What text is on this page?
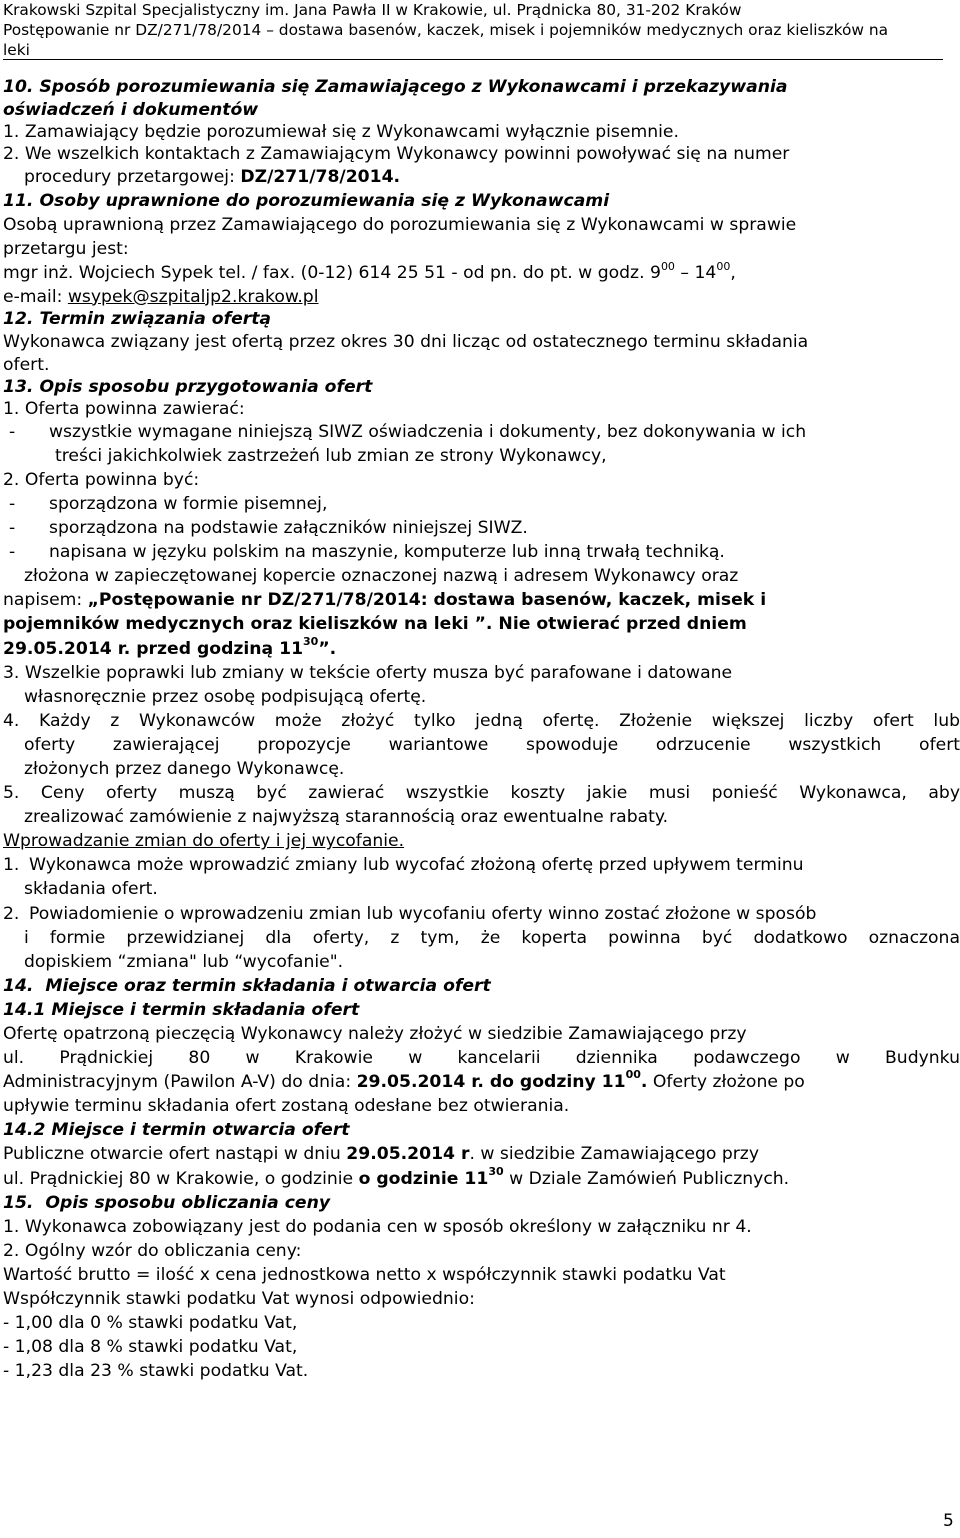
Krakowski Szpital Specjalistyczny im. Jana Pawła II w Krakowie, ul. Prądnicka 80, 31-202 Kraków
Postępowanie nr DZ/271/78/2014 – dostawa basenów, kaczek, misek i pojemników medycznych oraz kieliszków na
leki
10. Sposób porozumiewania się Zamawiającego z Wykonawcami i przekazywania
oświadczeń i dokumentów
1. Zamawiający będzie porozumiewał się z Wykonawcami wyłącznie pisemnie.
2. We wszelkich kontaktach z Zamawiającym Wykonawcy powinni powoływać się na numer
procedury przetargowej: DZ/271/78/2014.
11. Osoby uprawnione do porozumiewania się z Wykonawcami
Osobą uprawnioną przez Zamawiającego do porozumiewania się z Wykonawcami w sprawie
przetargu jest:
mgr inż. Wojciech Sypek tel. / fax. (0-12) 614 25 51 - od pn. do pt. w godz. $9^{00} - 14^{00}$,
e-mail: wsypek@szpitaljp2.krakow.pl
12. Termin związania ofertą
Wykonawca związany jest ofertą przez okres 30 dni licząc od ostatecznego terminu składania
ofert.
13. Opis sposobu przygotowania ofert
1. Oferta powinna zawierać:
- wszystkie wymagane niniejszą SIWZ oświadczenia i dokumenty, bez dokonywania w ich
treści jakichkolwiek zastrzeżeń lub zmian ze strony Wykonawcy,
2. Oferta powinna być:
- sporządzona w formie pisemnej,
- sporządzona na podstawie załączników niniejszej SIWZ.
- napisana w języku polskim na maszynie, komputerze lub inną trwałą techniką.
złożona w zapieczętowanej kopercie oznaczonej nazwą i adresem Wykonawcy oraz
napisem: „Postępowanie nr DZ/271/78/2014: dostawa basenów, kaczek, misek i
pojemników medycznych oraz kieliszków na leki ”. Nie otwierać przed dniem
29.05.2014 r. przed godziną $11^{30}$”.
3. Wszelkie poprawki lub zmiany w tekście oferty musza być parafowane i datowane
własnoręcznie przez osobę podpisującą ofertę.
4. Każdy z Wykonawców może złożyć tylko jedną ofertę. Złożenie większej liczby ofert lub
oferty zawierającej propozycje wariantowe spowoduje odrzucenie wszystkich ofert
złożonych przez danego Wykonawcę.
5. Ceny oferty muszą być zawierać wszystkie koszty jakie musi ponieść Wykonawca, aby
zrealizować zamówienie z najwyższą starannością oraz ewentualne rabaty.
Wprowadzanie zmian do oferty i jej wycofanie.
1. Wykonawca może wprowadzić zmiany lub wycofać złożoną ofertę przed upływem terminu
składania ofert.
2. Powiadomienie o wprowadzeniu zmian lub wycofaniu oferty winno zostać złożone w sposób
i formie przewidzianej dla oferty, z tym, że koperta powinna być dodatkowo oznaczona
dopiskiem “zmiana" lub “wycofanie".
14. Miejsce oraz termin składania i otwarcia ofert
14.1 Miejsce i termin składania ofert
Ofertę opatrzoną pieczęcią Wykonawcy należy złożyć w siedzibie Zamawiającego przy
ul. Prądnickiej 80 w Krakowie w kancelarii dziennika podawczego w Budynku
Administracyjnym (Pawilon A-V) do dnia: 29.05.2014 r. do godziny $11^{00}$. Oferty złożone po
upływie terminu składania ofert zostaną odesłane bez otwierania.
14.2 Miejsce i termin otwarcia ofert
Publiczne otwarcie ofert nastąpi w dniu 29.05.2014 r. w siedzibie Zamawiającego przy
ul. Prądnickiej 80 w Krakowie, o godzinie o godzinie $11^{30}$ w Dziale Zamówień Publicznych.
15. Opis sposobu obliczania ceny
1. Wykonawca zobowiązany jest do podania cen w sposób określony w załączniku nr 4.
2. Ogólny wzór do obliczania ceny:
Wartość brutto = ilość x cena jednostkowa netto x współczynnik stawki podatku Vat
Współczynnik stawki podatku Vat wynosi odpowiednio:
- 1,00 dla 0 % stawki podatku Vat,
- 1,08 dla 8 % stawki podatku Vat,
- 1,23 dla 23 % stawki podatku Vat.
5
